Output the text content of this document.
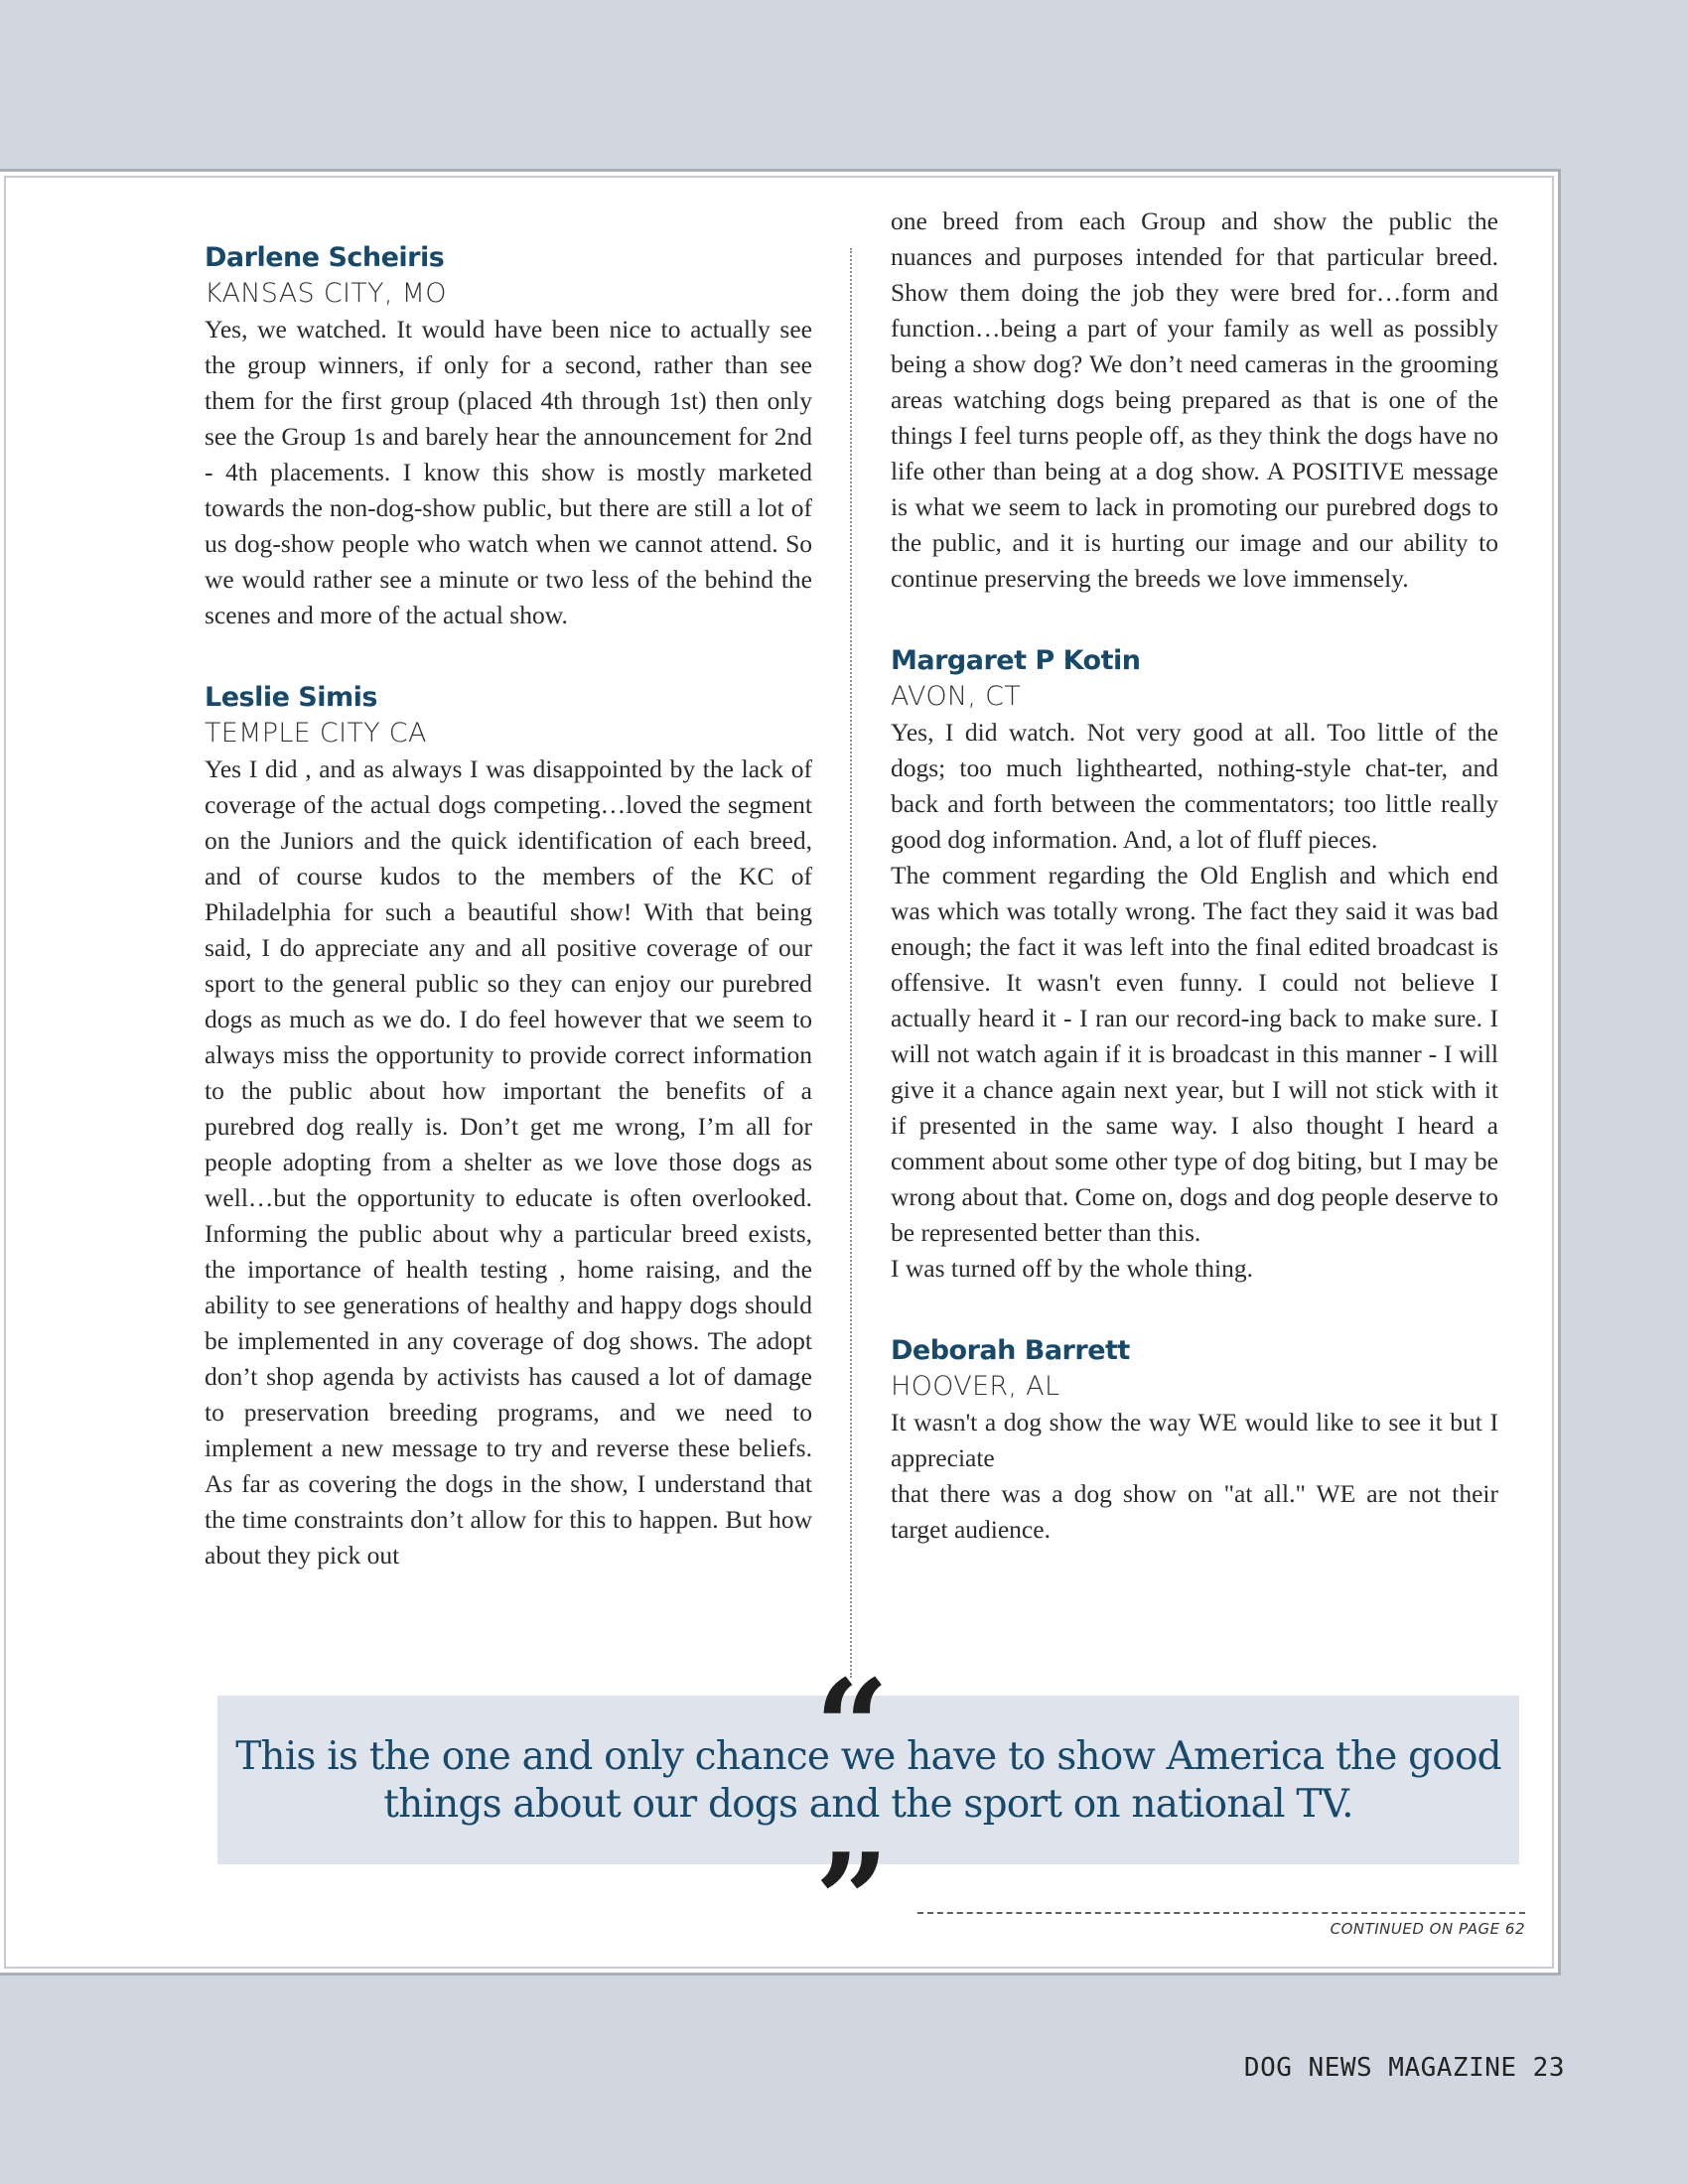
Darlene Scheiris
KANSAS CITY, MO

Yes, we watched. It would have been nice to actually see the group winners, if only for a second, rather than see them for the first group (placed 4th through 1st) then only see the Group 1s and barely hear the announcement for 2nd - 4th placements. I know this show is mostly marketed towards the non-dog-show public, but there are still a lot of us dog-show people who watch when we cannot attend. So we would rather see a minute or two less of the behind the scenes and more of the actual show.

Leslie Simis
TEMPLE CITY CA

Yes I did , and as always I was disappointed by the lack of coverage of the actual dogs competing…loved the segment on the Juniors and the quick identification of each breed, and of course kudos to the members of the KC of Philadelphia for such a beautiful show! With that being said, I do appreciate any and all positive coverage of our sport to the general public so they can enjoy our purebred dogs as much as we do. I do feel however that we seem to always miss the opportunity to provide correct information to the public about how important the benefits of a purebred dog really is. Don’t get me wrong, I’m all for people adopting from a shelter as we love those dogs as well…but the opportunity to educate is often overlooked. Informing the public about why a particular breed exists, the importance of health testing , home raising, and the ability to see generations of healthy and happy dogs should be implemented in any coverage of dog shows. The adopt don’t shop agenda by activists has caused a lot of damage to preservation breeding programs, and we need to implement a new message to try and reverse these beliefs. As far as covering the dogs in the show, I understand that the time constraints don’t allow for this to happen. But how about they pick out

one breed from each Group and show the public the nuances and purposes intended for that particular breed. Show them doing the job they were bred for…form and function…being a part of your family as well as possibly being a show dog? We don’t need cameras in the grooming areas watching dogs being prepared as that is one of the things I feel turns people off, as they think the dogs have no life other than being at a dog show. A POSITIVE message is what we seem to lack in promoting our purebred dogs to the public, and it is hurting our image and our ability to continue preserving the breeds we love immensely.

Margaret P Kotin
AVON, CT

Yes, I did watch. Not very good at all. Too little of the dogs; too much lighthearted, nothing-style chat-ter, and back and forth between the commentators; too little really good dog information. And, a lot of fluff pieces.

The comment regarding the Old English and which end was which was totally wrong. The fact they said it was bad enough; the fact it was left into the final edited broadcast is offensive. It wasn't even funny. I could not believe I actually heard it - I ran our record-ing back to make sure. I will not watch again if it is broadcast in this manner - I will give it a chance again next year, but I will not stick with it if presented in the same way. I also thought I heard a comment about some other type of dog biting, but I may be wrong about that. Come on, dogs and dog people deserve to be represented better than this.

I was turned off by the whole thing.

Deborah Barrett
HOOVER, AL

It wasn't a dog show the way WE would like to see it but I appreciate

that there was a dog show on "at all." WE are not their target audience.

This is the one and only chance we have to show America the good things about our dogs and the sport on national TV.
“
”	CONTINUED ON PAGE 62
DOG NEWS MAGAZINE 23
